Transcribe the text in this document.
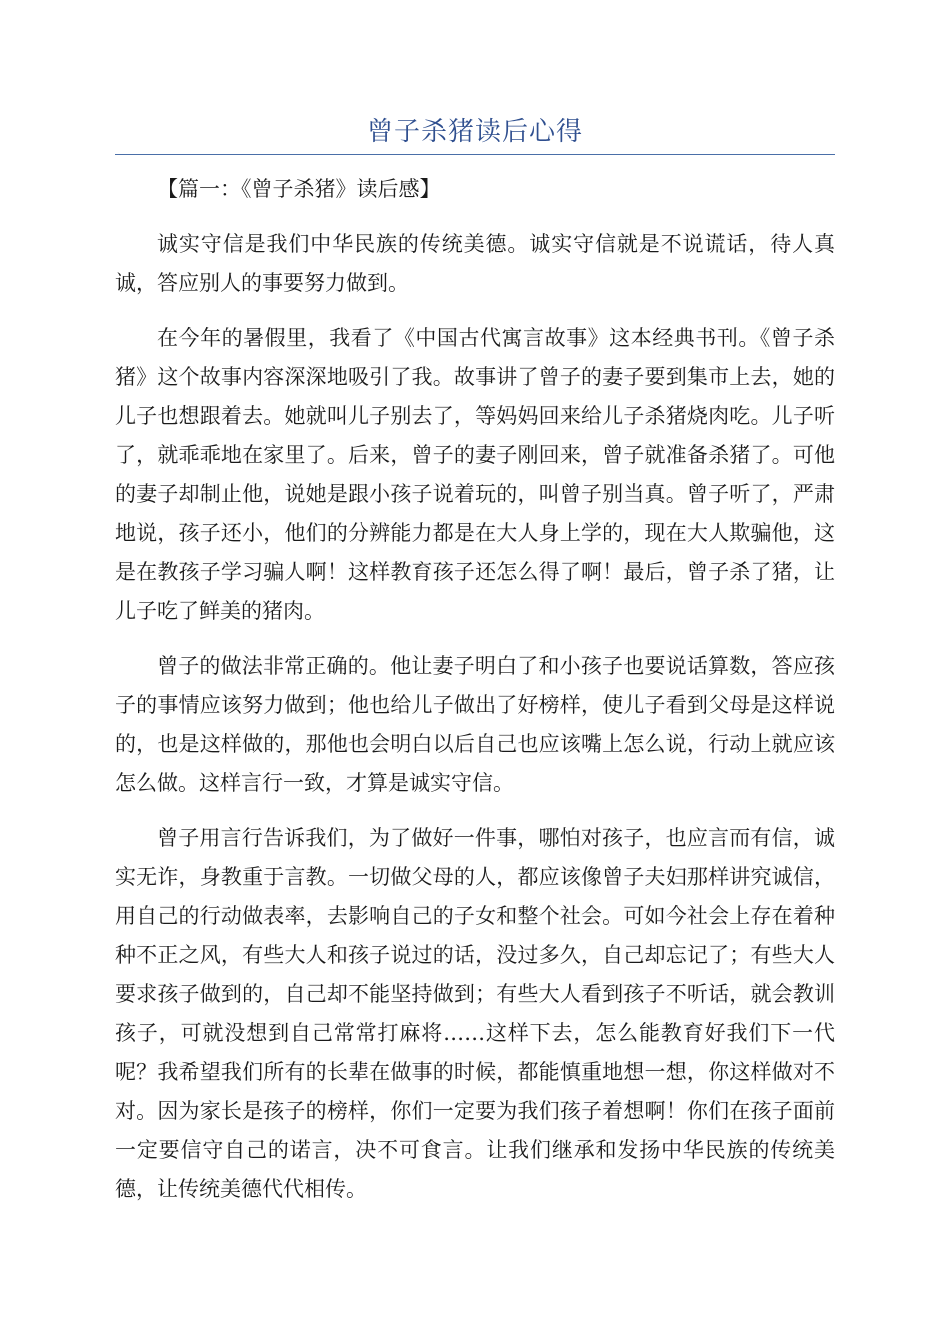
曾子杀猪读后心得

【篇一：《曾子杀猪》读后感】

诚实守信是我们中华民族的传统美德。诚实守信就是不说谎话，待人真诚，答应别人的事要努力做到。

在今年的暑假里，我看了《中国古代寓言故事》这本经典书刊。《曾子杀猪》这个故事内容深深地吸引了我。故事讲了曾子的妻子要到集市上去，她的儿子也想跟着去。她就叫儿子别去了，等妈妈回来给儿子杀猪烧肉吃。儿子听了，就乖乖地在家里了。后来，曾子的妻子刚回来，曾子就准备杀猪了。可他的妻子却制止他，说她是跟小孩子说着玩的，叫曾子别当真。曾子听了，严肃地说，孩子还小，他们的分辨能力都是在大人身上学的，现在大人欺骗他，这是在教孩子学习骗人啊！这样教育孩子还怎么得了啊！最后，曾子杀了猪，让儿子吃了鲜美的猪肉。

曾子的做法非常正确的。他让妻子明白了和小孩子也要说话算数，答应孩子的事情应该努力做到；他也给儿子做出了好榜样，使儿子看到父母是这样说的，也是这样做的，那他也会明白以后自己也应该嘴上怎么说，行动上就应该怎么做。这样言行一致，才算是诚实守信。

曾子用言行告诉我们，为了做好一件事，哪怕对孩子，也应言而有信，诚实无诈，身教重于言教。一切做父母的人，都应该像曾子夫妇那样讲究诚信，用自己的行动做表率，去影响自己的子女和整个社会。可如今社会上存在着种种不正之风，有些大人和孩子说过的话，没过多久，自己却忘记了；有些大人要求孩子做到的，自己却不能坚持做到；有些大人看到孩子不听话，就会教训孩子，可就没想到自己常常打麻将……这样下去，怎么能教育好我们下一代呢？我希望我们所有的长辈在做事的时候，都能慎重地想一想，你这样做对不对。因为家长是孩子的榜样，你们一定要为我们孩子着想啊！你们在孩子面前一定要信守自己的诺言，决不可食言。让我们继承和发扬中华民族的传统美德，让传统美德代代相传。
